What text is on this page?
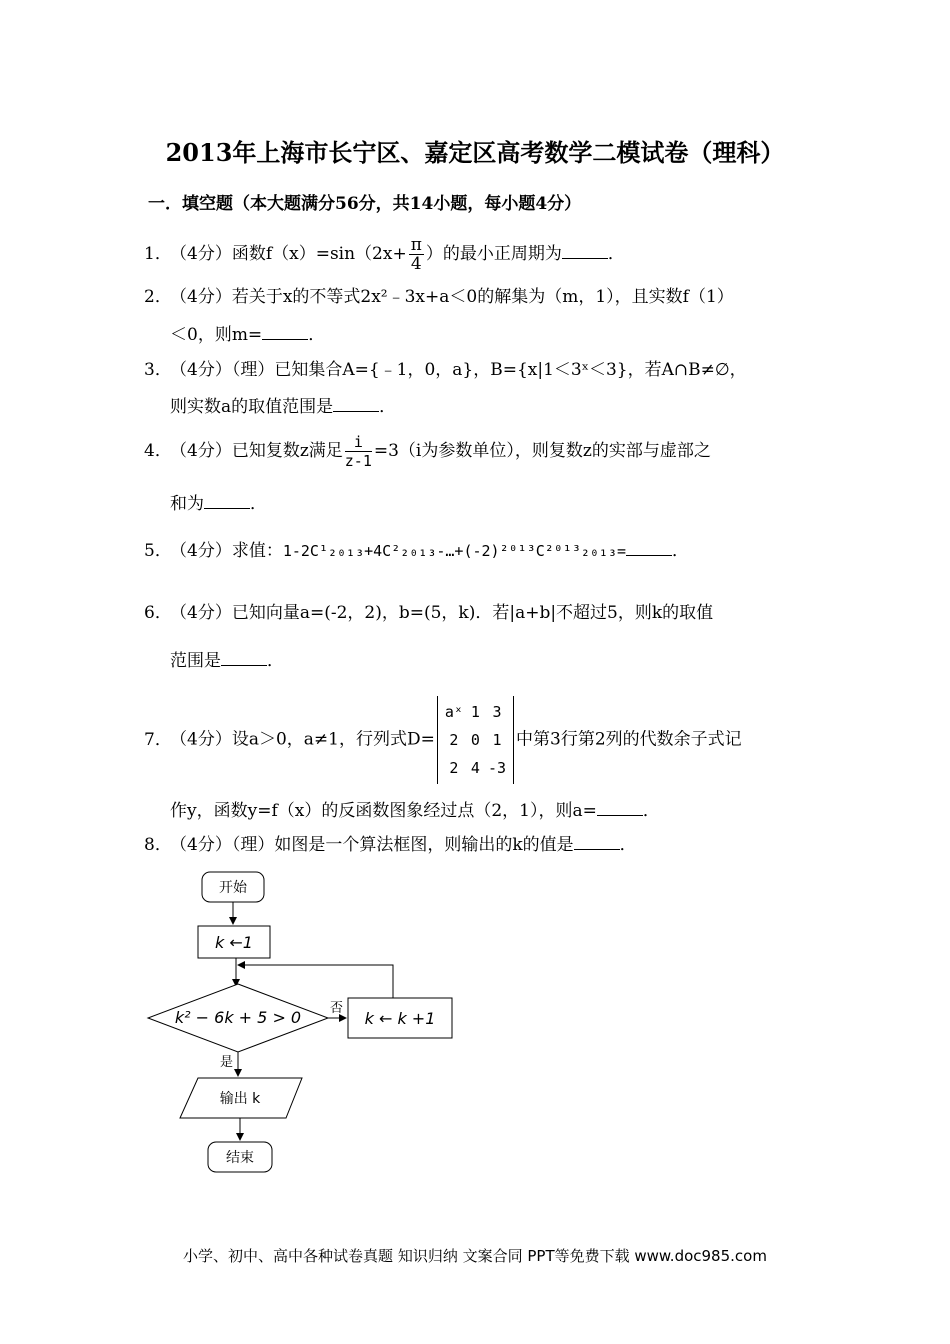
2013年上海市长宁区、嘉定区高考数学二模试卷（理科）
一．填空题（本大题满分56分，共14小题，每小题4分）
1．（4分）函数$f(x)=\sin(2x+ \frac{\pi}{4}$ ）的最小正周期为	．
2．（4分）若关于x的不等式2x²﹣3x+a＜0的解集为（m，1），且实数f（1）
＜0，则m=	．
3．（4分）（理）已知集合A={﹣1，0，a}，B={x|1＜3ˣ＜3}，若A∩B≠∅，
则实数a的取值范围是	．
4．（4分）已知复数z满足 $\frac{i}{z-1} =3(i$为参数单位），则复数z的实部与虚部之
和为	．
5．（4分）求值：1-2C¹₂₀₁₃+4C²₂₀₁₃-…+(-2)²⁰¹³C²⁰¹³₂₀₁₃=	．
6．（4分）已知向量a=(-2，2)，b=(5，k)．若|a+b|不超过5，则k的取值
范围是	．
7．（4分）设a＞0，a≠1，行列式D=
aˣ	1	3
2	0	1
2	4	-3
中第3行第2列的代数余子式记
作y，函数y=f（x）的反函数图象经过点（2，1），则a=	．
8．（4分）（理）如图是一个算法框图，则输出的k的值是	．
开始
k ←1
k² − 6k + 5 > 0 否
k ← k +1
是
输出 k
结束
小学、初中、高中各种试卷真题 知识归纳 文案合同 PPT等免费下载 www.doc985.com
